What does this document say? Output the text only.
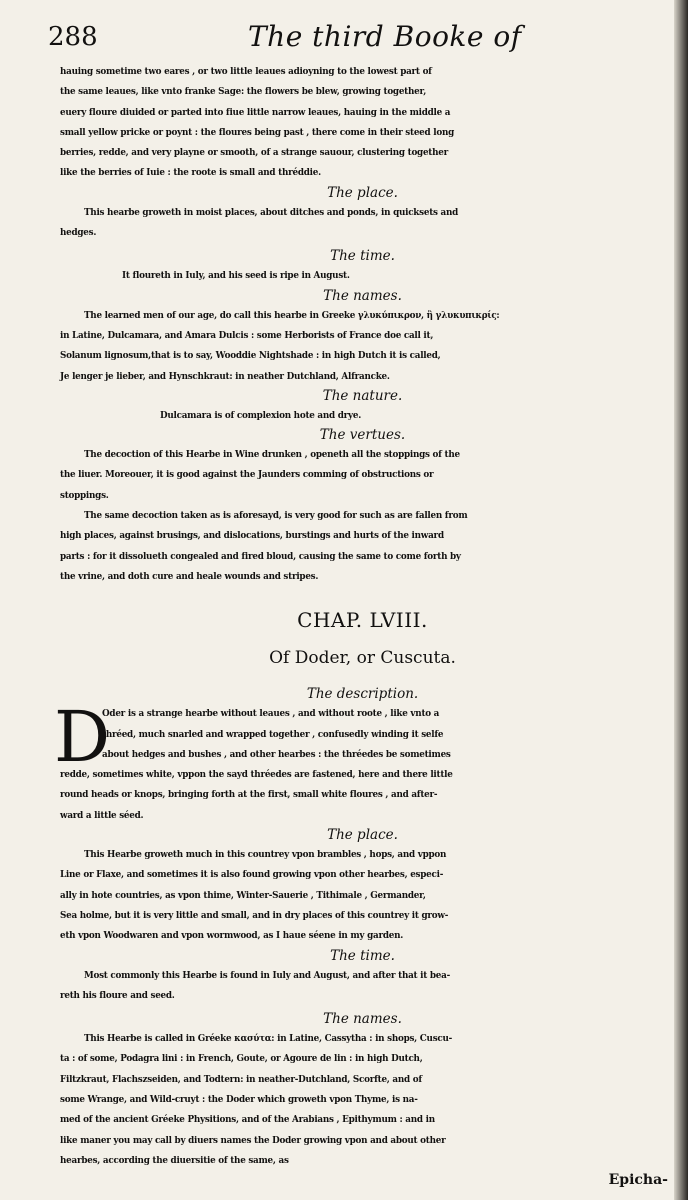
288	The third Booke of
hauing sometime two eares , or two little leaues adioyning to the lowest part of
the same leaues, like vnto franke Sage: the flowers be blew, growing together,
euery floure diuided or parted into fiue little narrow leaues, hauing in the middle a
small yellow pricke or poynt : the floures being past , there come in their steed long
berries, redde, and very playne or smooth, of a strange sauour, clustering together
like the berries of Iuie : the roote is small and thréddie.
The place.
This hearbe groweth in moist places, about ditches and ponds, in quicksets and
hedges.
The time.
It floureth in Iuly, and his seed is ripe in August.
The names.
The learned men of our age, do call this hearbe in Greeke γλυκύπικρον, ἢ γλυκυπικρίς:
in Latine, Dulcamara, and Amara Dulcis : some Herborists of France doe call it,
Solanum lignosum,that is to say, Wooddie Nightshade : in high Dutch it is called,
Je lenger je lieber, and Hynschkraut: in neather Dutchland, Alfrancke.
The nature.
Dulcamara is of complexion hote and drye.
The vertues.
The decoction of this Hearbe in Wine drunken , openeth all the stoppings of the
the liuer. Moreouer, it is good against the Jaunders comming of obstructions or
stoppings.
The same decoction taken as is aforesayd, is very good for such as are fallen from
high places, against brusings, and dislocations, burstings and hurts of the inward
parts : for it dissolueth congealed and fired bloud, causing the same to come forth by
the vrine, and doth cure and heale wounds and stripes.
CHAP. LVIII.
Of Doder, or Cuscuta.
The description.
D
Oder is a strange hearbe without leaues , and without roote , like vnto a
thréed, much snarled and wrapped together , confusedly winding it selfe
about hedges and bushes , and other hearbes : the thréedes be sometimes
redde, sometimes white, vppon the sayd thréedes are fastened, here and there little
round heads or knops, bringing forth at the first, small white floures , and after-
ward a little séed.
The place.
This Hearbe groweth much in this countrey vpon brambles , hops, and vppon
Line or Flaxe, and sometimes it is also found growing vpon other hearbes, especi-
ally in hote countries, as vpon thime, Winter-Sauerie , Tithimale , Germander,
Sea holme, but it is very little and small, and in dry places of this countrey it grow-
eth vpon Woodwaren and vpon wormwood, as I haue séene in my garden.
The time.
Most commonly this Hearbe is found in Iuly and August, and after that it bea-
reth his floure and seed.
The names.
This Hearbe is called in Gréeke κασύτα: in Latine, Cassytha : in shops, Cuscu-
ta : of some, Podagra lini : in French, Goute, or Agoure de lin : in high Dutch,
Filtzkraut, Flachszseiden, and Todtern: in neather-Dutchland, Scorfte, and of
some Wrange, and Wild-cruyt : the Doder which groweth vpon Thyme, is na-
med of the ancient Gréeke Physitions, and of the Arabians , Epithymum : and in
like maner you may call by diuers names the Doder growing vpon and about other
hearbes, according the diuersitie of the same, as
Epicha-
